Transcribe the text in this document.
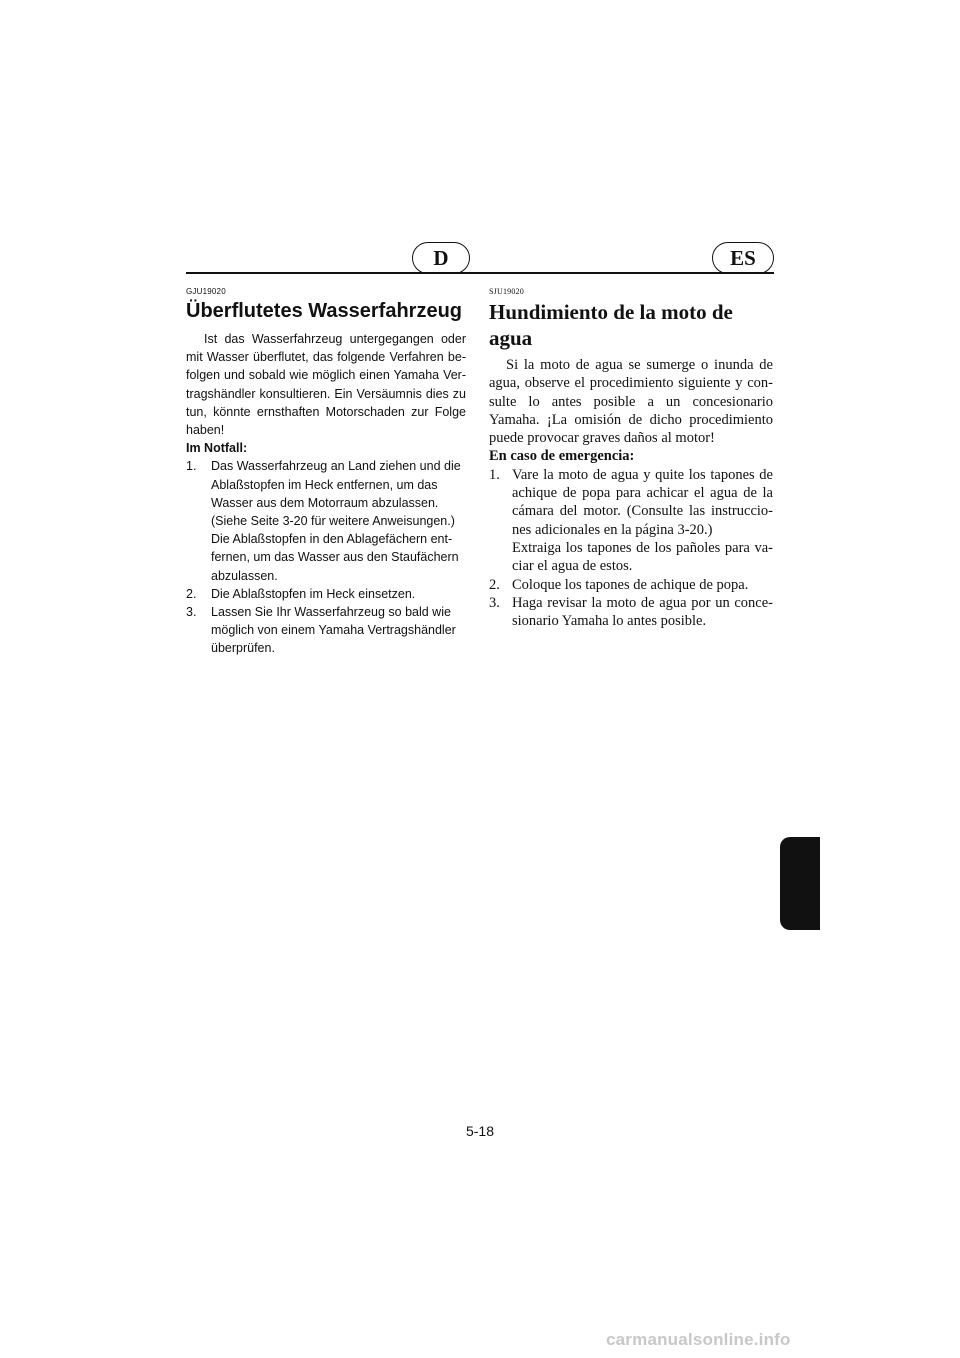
D	ES

GJU19020

Überflutetes Wasserfahrzeug

Ist das Wasserfahrzeug untergegangen oder mit Wasser überflutet, das folgende Verfahren be-folgen und sobald wie möglich einen Yamaha Ver-tragshändler konsultieren. Ein Versäumnis dies zu tun, könnte ernsthaften Motorschaden zur Folge haben!

Im Notfall:

1. Das Wasserfahrzeug an Land ziehen und die Ablaßstopfen im Heck entfernen, um das Wasser aus dem Motorraum abzulassen. (Siehe Seite 3-20 für weitere Anweisungen.)
Die Ablaßstopfen in den Ablagefächern ent-fernen, um das Wasser aus den Staufächern abzulassen.
2. Die Ablaßstopfen im Heck einsetzen.
3. Lassen Sie Ihr Wasserfahrzeug so bald wie möglich von einem Yamaha Vertragshändler überprüfen.

SJU19020

Hundimiento de la moto de agua

Si la moto de agua se sumerge o inunda de agua, observe el procedimiento siguiente y con-sulte lo antes posible a un concesionario Yamaha. ¡La omisión de dicho procedimiento puede provocar graves daños al motor!

En caso de emergencia:

1. Vare la moto de agua y quite los tapones de achique de popa para achicar el agua de la cámara del motor. (Consulte las instruccio-nes adicionales en la página 3-20.)
Extraiga los tapones de los pañoles para va-ciar el agua de estos.
2. Coloque los tapones de achique de popa.
3. Haga revisar la moto de agua por un conce-sionario Yamaha lo antes posible.
5-18
carmanualsonline.info
